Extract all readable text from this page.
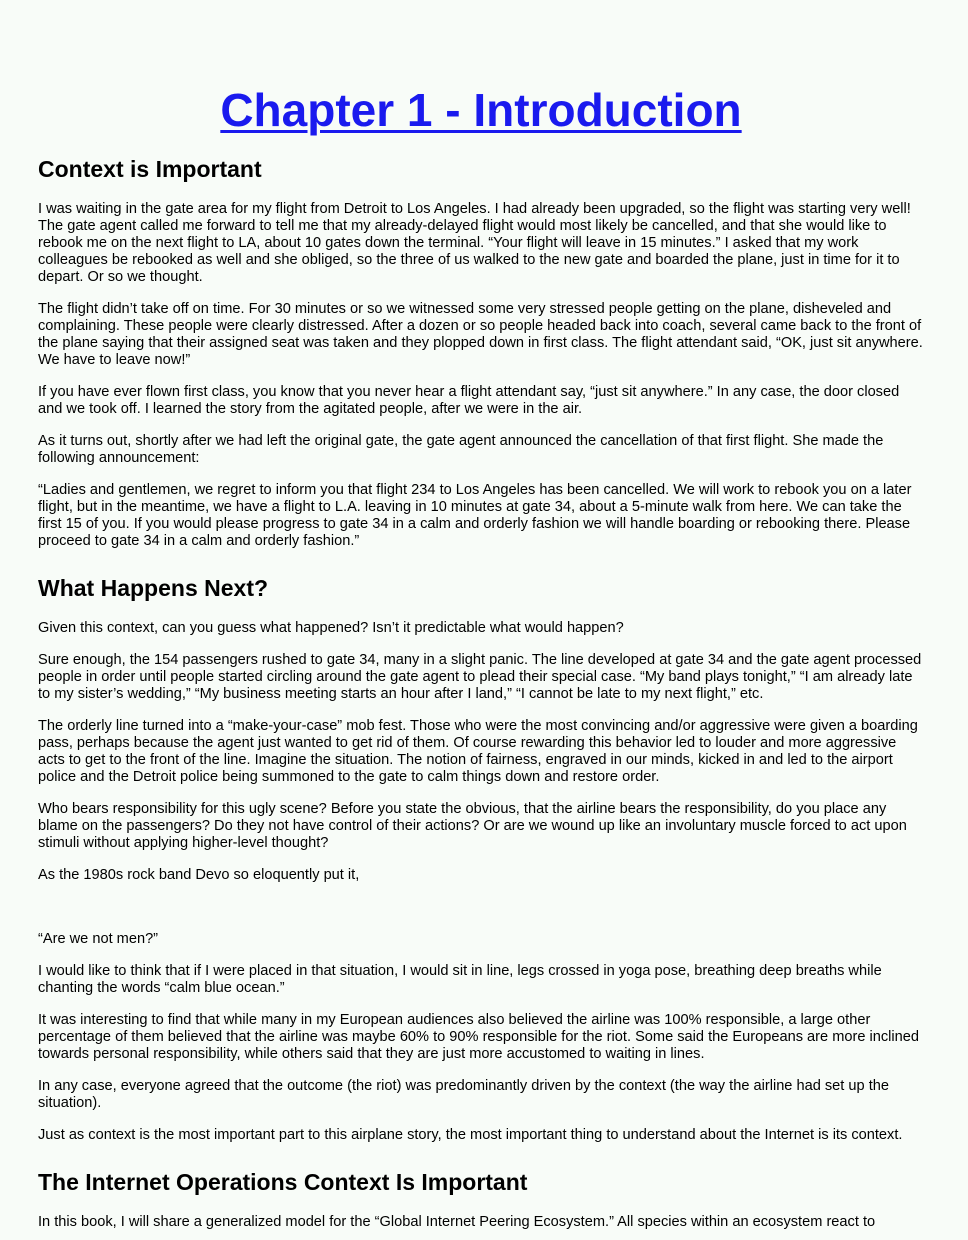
Chapter 1 - Introduction
Context is Important

I was waiting in the gate area for my flight from Detroit to Los Angeles. I had already been upgraded, so the flight was starting very well! The gate agent called me forward to tell me that my already-delayed flight would most likely be cancelled, and that she would like to rebook me on the next flight to LA, about 10 gates down the terminal. “Your flight will leave in 15 minutes.” I asked that my work colleagues be rebooked as well and she obliged, so the three of us walked to the new gate and boarded the plane, just in time for it to depart. Or so we thought.

The flight didn’t take off on time. For 30 minutes or so we witnessed some very stressed people getting on the plane, disheveled and complaining. These people were clearly distressed. After a dozen or so people headed back into coach, several came back to the front of the plane saying that their assigned seat was taken and they plopped down in first class. The flight attendant said, “OK, just sit anywhere. We have to leave now!”

If you have ever flown first class, you know that you never hear a flight attendant say, “just sit anywhere.” In any case, the door closed and we took off. I learned the story from the agitated people, after we were in the air.

As it turns out, shortly after we had left the original gate, the gate agent announced the cancellation of that first flight. She made the following announcement:

“Ladies and gentlemen, we regret to inform you that flight 234 to Los Angeles has been cancelled. We will work to rebook you on a later flight, but in the meantime, we have a flight to L.A. leaving in 10 minutes at gate 34, about a 5-minute walk from here. We can take the first 15 of you. If you would please progress to gate 34 in a calm and orderly fashion we will handle boarding or rebooking there. Please proceed to gate 34 in a calm and orderly fashion.”

What Happens Next?

Given this context, can you guess what happened? Isn’t it predictable what would happen?

Sure enough, the 154 passengers rushed to gate 34, many in a slight panic. The line developed at gate 34 and the gate agent processed people in order until people started circling around the gate agent to plead their special case. “My band plays tonight,” “I am already late to my sister’s wedding,” “My business meeting starts an hour after I land,” “I cannot be late to my next flight,” etc.

The orderly line turned into a “make-your-case” mob fest. Those who were the most convincing and/or aggressive were given a boarding pass, perhaps because the agent just wanted to get rid of them. Of course rewarding this behavior led to louder and more aggressive acts to get to the front of the line. Imagine the situation. The notion of fairness, engraved in our minds, kicked in and led to the airport police and the Detroit police being summoned to the gate to calm things down and restore order.

Who bears responsibility for this ugly scene? Before you state the obvious, that the airline bears the responsibility, do you place any blame on the passengers? Do they not have control of their actions? Or are we wound up like an involuntary muscle forced to act upon stimuli without applying higher-level thought?

As the 1980s rock band Devo so eloquently put it,

“Are we not men?”

I would like to think that if I were placed in that situation, I would sit in line, legs crossed in yoga pose, breathing deep breaths while chanting the words “calm blue ocean.”

It was interesting to find that while many in my European audiences also believed the airline was 100% responsible, a large other percentage of them believed that the airline was maybe 60% to 90% responsible for the riot. Some said the Europeans are more inclined towards personal responsibility, while others said that they are just more accustomed to waiting in lines.

In any case, everyone agreed that the outcome (the riot) was predominantly driven by the context (the way the airline had set up the situation).

Just as context is the most important part to this airplane story, the most important thing to understand about the Internet is its context.

The Internet Operations Context Is Important

In this book, I will share a generalized model for the “Global Internet Peering Ecosystem.” All species within an ecosystem react to
